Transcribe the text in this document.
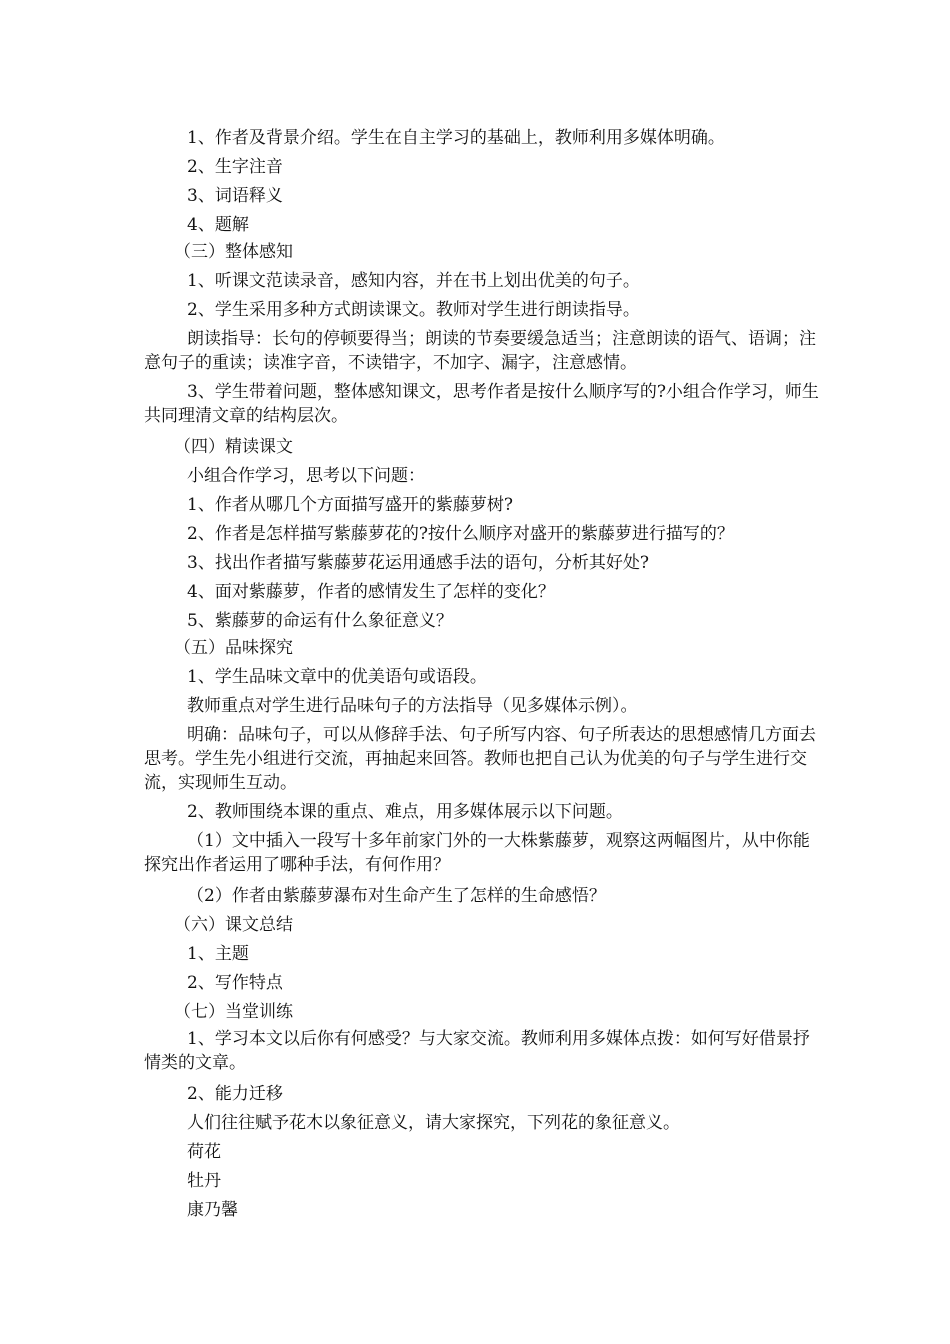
1、作者及背景介绍。学生在自主学习的基础上，教师利用多媒体明确。

2、生字注音

3、词语释义

4、题解

（三）整体感知

1、听课文范读录音，感知内容，并在书上划出优美的句子。

2、学生采用多种方式朗读课文。教师对学生进行朗读指导。

朗读指导：长句的停顿要得当；朗读的节奏要缓急适当；注意朗读的语气、语调；注意句子的重读；读准字音，不读错字，不加字、漏字，注意感情。

3、学生带着问题，整体感知课文，思考作者是按什么顺序写的?小组合作学习，师生共同理清文章的结构层次。

（四）精读课文

小组合作学习，思考以下问题：

1、作者从哪几个方面描写盛开的紫藤萝树?

2、作者是怎样描写紫藤萝花的?按什么顺序对盛开的紫藤萝进行描写的？

3、找出作者描写紫藤萝花运用通感手法的语句，分析其好处?

4、面对紫藤萝，作者的感情发生了怎样的变化？

5、紫藤萝的命运有什么象征意义？

（五）品味探究

1、学生品味文章中的优美语句或语段。

教师重点对学生进行品味句子的方法指导（见多媒体示例）。

明确：品味句子，可以从修辞手法、句子所写内容、句子所表达的思想感情几方面去思考。学生先小组进行交流，再抽起来回答。教师也把自己认为优美的句子与学生进行交流，实现师生互动。

2、教师围绕本课的重点、难点，用多媒体展示以下问题。

（1）文中插入一段写十多年前家门外的一大株紫藤萝，观察这两幅图片，从中你能探究出作者运用了哪种手法，有何作用？

（2）作者由紫藤萝瀑布对生命产生了怎样的生命感悟？

（六）课文总结

1、主题

2、写作特点

（七）当堂训练

1、学习本文以后你有何感受？与大家交流。教师利用多媒体点拨：如何写好借景抒情类的文章。

2、能力迁移

人们往往赋予花木以象征意义，请大家探究，下列花的象征意义。

荷花

牡丹

康乃馨
